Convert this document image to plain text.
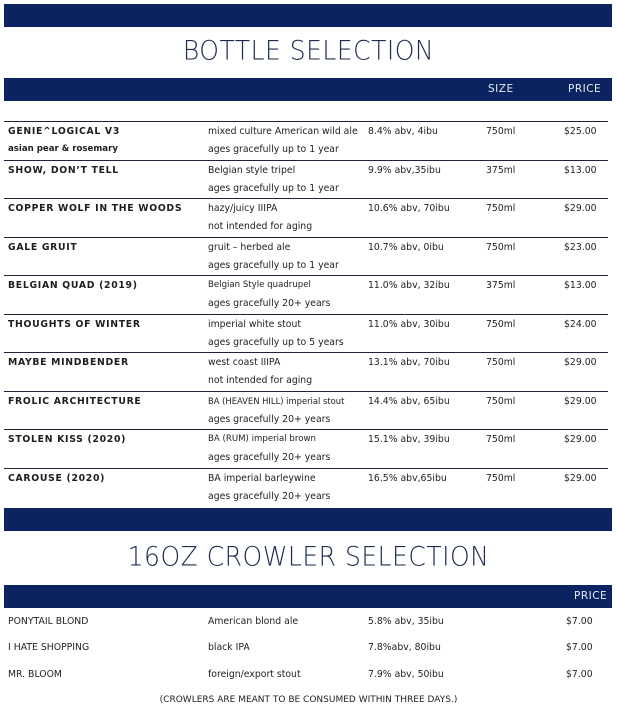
BOTTLE SELECTION
SIZE	PRICE
GENIE^LOGICAL V3
asian pear & rosemary
mixed culture American wild ale
ages gracefully up to 1 year
8.4% abv, 4ibu	750ml	$25.00
SHOW, DON’T TELL	Belgian style tripel
ages gracefully up to 1 year
9.9% abv,35ibu	375ml	$13.00
COPPER WOLF IN THE WOODS	hazy/juicy IIIPA
not intended for aging
10.6% abv, 70ibu	750ml	$29.00
GALE GRUIT	gruit – herbed ale
ages gracefully up to 1 year
10.7% abv, 0ibu	750ml	$23.00
BELGIAN QUAD (2019)	Belgian Style quadrupel
ages gracefully 20+ years
11.0% abv, 32ibu	375ml	$13.00
THOUGHTS OF WINTER	imperial white stout
ages gracefully up to 5 years
11.0% abv, 30ibu	750ml	$24.00
MAYBE MINDBENDER	west coast IIIPA
not intended for aging
13.1% abv, 70ibu	750ml	$29.00
FROLIC ARCHITECTURE	BA (HEAVEN HILL) imperial stout
ages gracefully 20+ years
14.4% abv, 65ibu	750ml	$29.00
STOLEN KISS (2020)	BA (RUM) imperial brown
ages gracefully 20+ years
15.1% abv, 39ibu	750ml	$29.00
CAROUSE (2020)	BA imperial barleywine
ages gracefully 20+ years
16.5% abv,65ibu	750ml	$29.00
16OZ CROWLER SELECTION
PRICE
PONYTAIL BLOND	American blond ale	5.8% abv, 35ibu	$7.00
I HATE SHOPPING	black IPA	7.8%abv, 80ibu	$7.00
MR. BLOOM	foreign/export stout	7.9% abv, 50ibu	$7.00
(CROWLERS ARE MEANT TO BE CONSUMED WITHIN THREE DAYS.)
